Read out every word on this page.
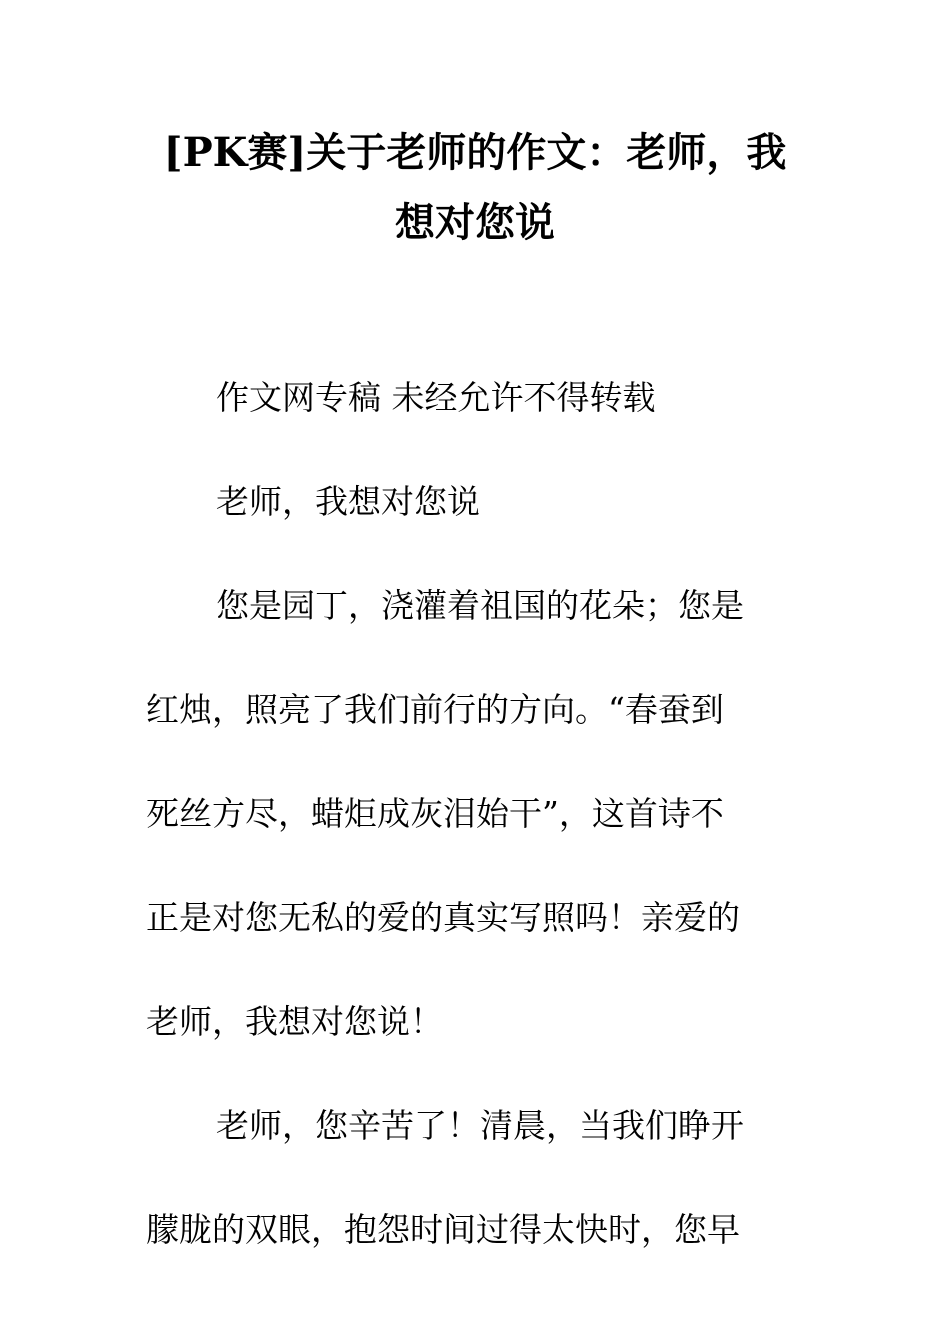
[PK赛]关于老师的作文：老师，我
想对您说

作文网专稿 未经允许不得转载

老师，我想对您说

您是园丁，浇灌着祖国的花朵；您是
红烛，照亮了我们前行的方向。“春蚕到
死丝方尽，蜡炬成灰泪始干”，这首诗不
正是对您无私的爱的真实写照吗！亲爱的
老师，我想对您说！

老师，您辛苦了！清晨，当我们睁开
朦胧的双眼，抱怨时间过得太快时，您早
